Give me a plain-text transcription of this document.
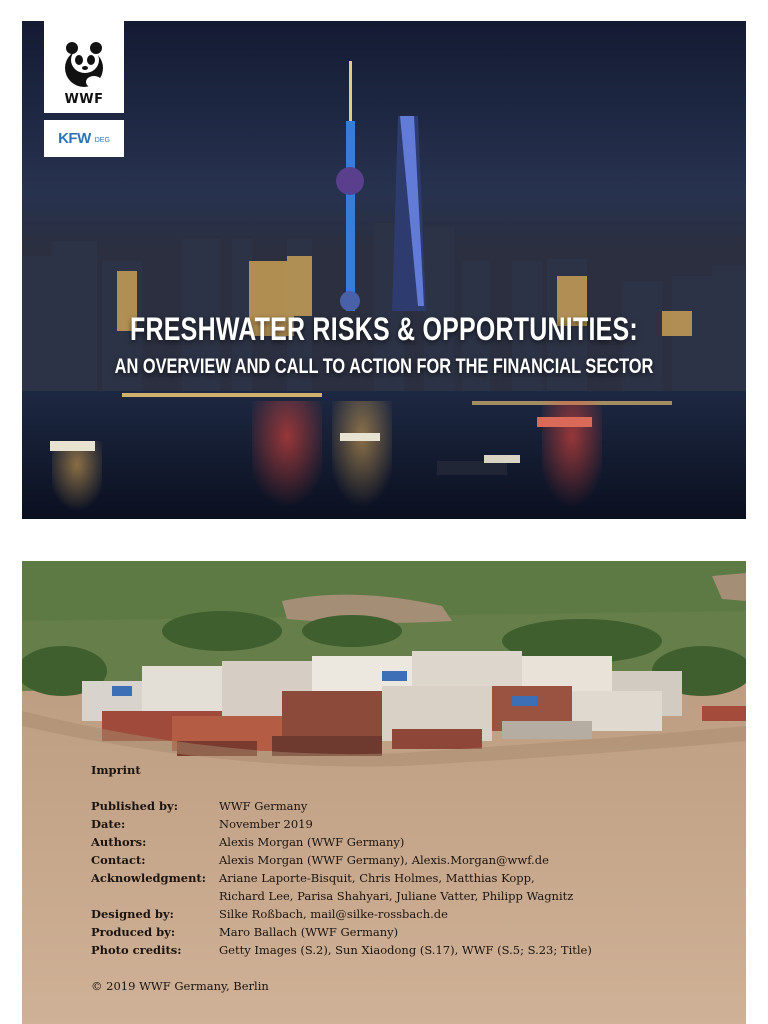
WWF
KFW DEG
FRESHWATER RISKS & OPPORTUNITIES:
AN OVERVIEW AND CALL TO ACTION FOR THE FINANCIAL SECTOR
Imprint
Published by:	WWF Germany
Date:	November 2019
Authors:	Alexis Morgan (WWF Germany)
Contact:	Alexis Morgan (WWF Germany), Alexis.Morgan@wwf.de
Acknowledgment:	Ariane Laporte-Bisquit, Chris Holmes, Matthias Kopp,
Richard Lee, Parisa Shahyari, Juliane Vatter, Philipp Wagnitz
Designed by:	Silke Roßbach, mail@silke-rossbach.de
Produced by:	Maro Ballach (WWF Germany)
Photo credits:	Getty Images (S.2), Sun Xiaodong (S.17), WWF (S.5; S.23; Title)
© 2019 WWF Germany, Berlin
